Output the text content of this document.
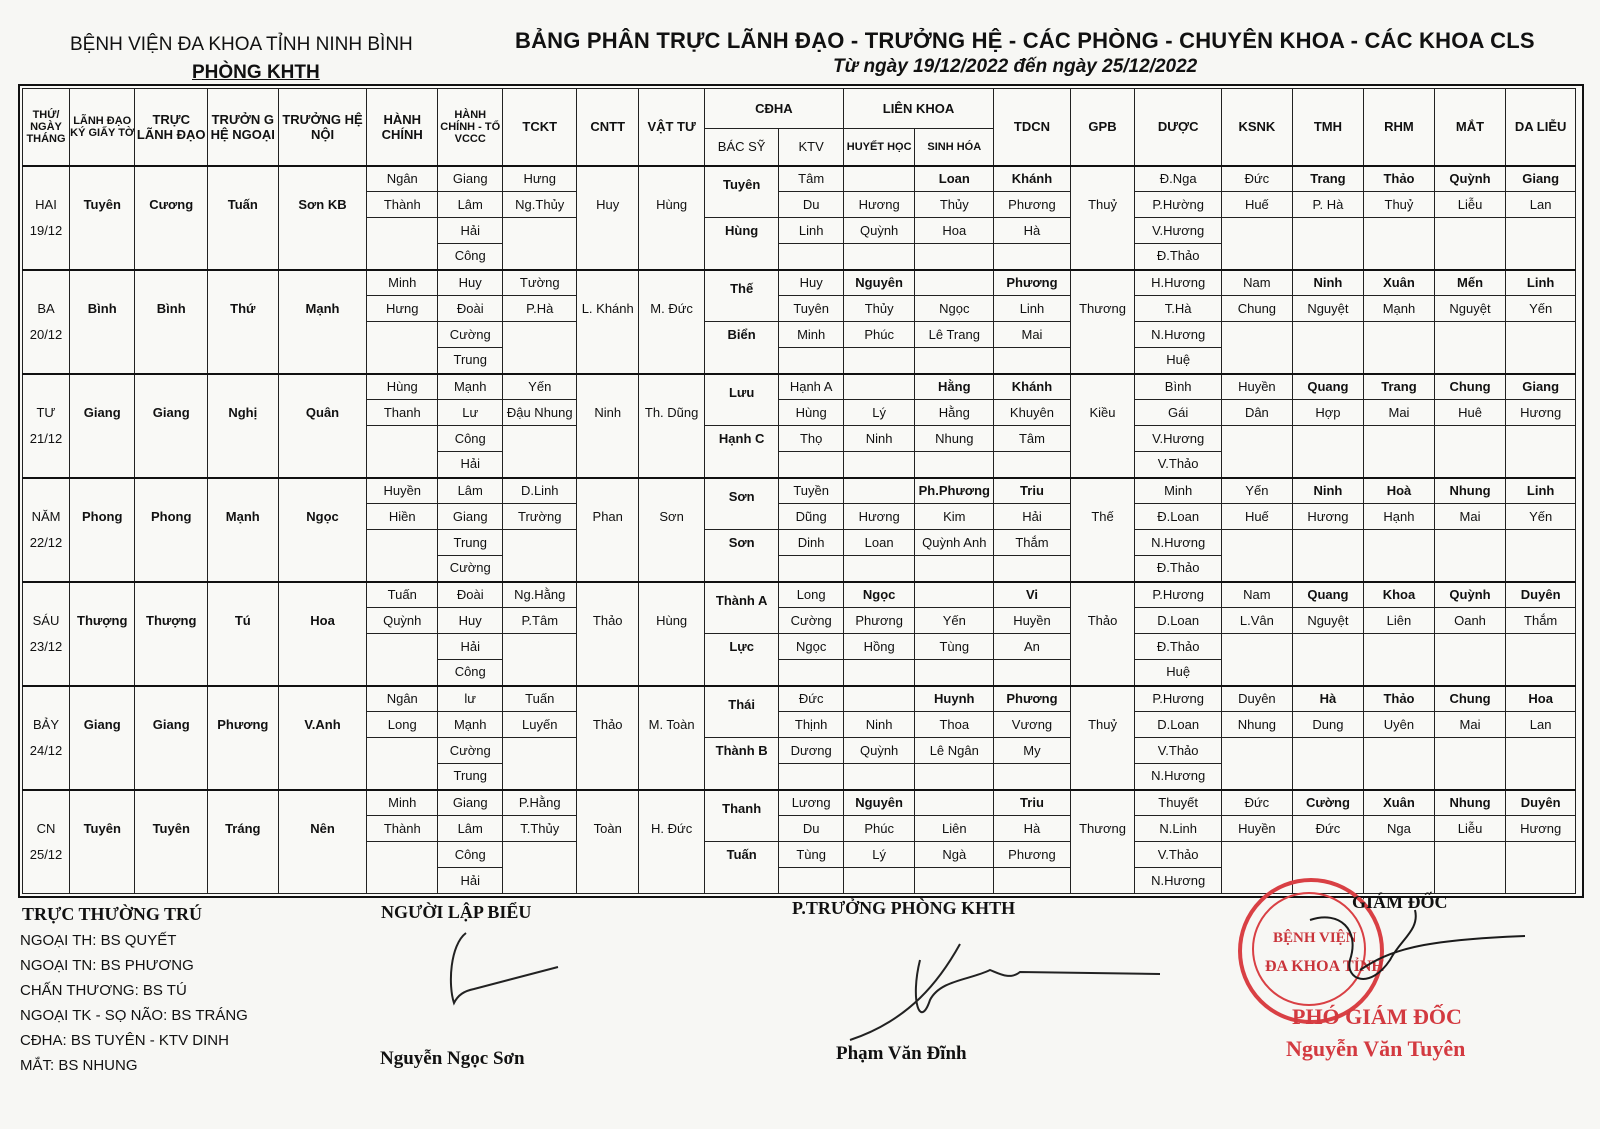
BỆNH VIỆN ĐA KHOA TỈNH NINH BÌNH
PHÒNG KHTH
BẢNG PHÂN TRỰC LÃNH ĐẠO - TRƯỞNG HỆ - CÁC PHÒNG - CHUYÊN KHOA - CÁC KHOA CLS
Từ ngày 19/12/2022 đến ngày 25/12/2022
THỨ/ NGÀY THÁNG	LÃNH ĐẠO KÝ GIẤY TỜ	TRỰC LÃNH ĐẠO	TRƯỞN G HỆ NGOẠI	TRƯỞNG HỆ NỘI	HÀNH CHÍNH	HÀNH CHÍNH - TỔ VCCC	TCKT	CNTT	VẬT TƯ	CĐHA		LIÊN KHOA		TDCN	GPB	DƯỢC	KSNK	TMH	RHM	MẮT	DA LIỄU
										BÁC SỸ	KTV	HUYẾT HỌC	SINH HÓA								
					Ngân	Giang	Hưng			Tuyên	Tâm		Loan	Khánh		Đ.Nga	Đức	Trang	Thảo	Quỳnh	Giang
HAI	Tuyên	Cương	Tuấn	Sơn KB	Thành	Lâm	Ng.Thủy	Huy	Hùng		Du	Hương	Thủy	Phương	Thuỷ	P.Hường	Huế	P. Hà	Thuỷ	Liễu	Lan
19/12						Hải				Hùng	Linh	Quỳnh	Hoa	Hà		V.Hương					
						Công										Đ.Thảo					
					Minh	Huy	Tường			Thế	Huy	Nguyên		Phương		H.Hương	Nam	Ninh	Xuân	Mến	Linh
BA	Bình	Bình	Thứ	Mạnh	Hưng	Đoài	P.Hà	L. Khánh	M. Đức		Tuyên	Thủy	Ngọc	Linh	Thương	T.Hà	Chung	Nguyệt	Mạnh	Nguyệt	Yến
20/12						Cường				Biển	Minh	Phúc	Lê Trang	Mai		N.Hương					
						Trung										Huệ					
					Hùng	Mạnh	Yến			Lưu	Hạnh A		Hằng	Khánh		Bình	Huyền	Quang	Trang	Chung	Giang
TƯ	Giang	Giang	Nghị	Quân	Thanh	Lư	Đậu Nhung	Ninh	Th. Dũng		Hùng	Lý	Hằng	Khuyên	Kiều	Gái	Dân	Hợp	Mai	Huê	Hương
21/12						Công				Hạnh C	Thọ	Ninh	Nhung	Tâm		V.Hương					
						Hải										V.Thảo					
					Huyền	Lâm	D.Linh			Sơn	Tuyền		Ph.Phương	Triu		Minh	Yến	Ninh	Hoà	Nhung	Linh
NĂM	Phong	Phong	Mạnh	Ngọc	Hiền	Giang	Trường	Phan	Sơn		Dũng	Hương	Kim	Hải	Thế	Đ.Loan	Huế	Hương	Hạnh	Mai	Yến
22/12						Trung				Sơn	Dinh	Loan	Quỳnh Anh	Thắm		N.Hương					
						Cường										Đ.Thảo					
					Tuấn	Đoài	Ng.Hằng			Thành A	Long	Ngọc		Vi		P.Hương	Nam	Quang	Khoa	Quỳnh	Duyên
SÁU	Thượng	Thượng	Tú	Hoa	Quỳnh	Huy	P.Tâm	Thảo	Hùng		Cường	Phương	Yến	Huyền	Thảo	D.Loan	L.Vân	Nguyệt	Liên	Oanh	Thắm
23/12						Hải				Lực	Ngọc	Hồng	Tùng	An		Đ.Thảo					
						Công										Huệ					
					Ngân	lư	Tuấn			Thái	Đức		Huynh	Phương		P.Hương	Duyên	Hà	Thảo	Chung	Hoa
BẢY	Giang	Giang	Phương	V.Anh	Long	Mạnh	Luyến	Thảo	M. Toàn		Thịnh	Ninh	Thoa	Vương	Thuỷ	D.Loan	Nhung	Dung	Uyên	Mai	Lan
24/12						Cường				Thành B	Dương	Quỳnh	Lê Ngân	My		V.Thảo					
						Trung										N.Hương					
					Minh	Giang	P.Hằng			Thanh	Lương	Nguyên		Triu		Thuyết	Đức	Cường	Xuân	Nhung	Duyên
CN	Tuyên	Tuyên	Tráng	Nên	Thành	Lâm	T.Thủy	Toàn	H. Đức		Du	Phúc	Liên	Hà	Thương	N.Linh	Huyền	Đức	Nga	Liễu	Hương
25/12						Công				Tuấn	Tùng	Lý	Ngà	Phương		V.Thảo					
						Hải										N.Hương					
TRỰC THƯỜNG TRÚ
NGOẠI TH: BS QUYẾT
NGOẠI TN: BS PHƯƠNG
CHẤN THƯƠNG: BS TÚ
NGOẠI TK - SỌ NÃO: BS TRÁNG
CĐHA: BS TUYÊN - KTV DINH
MẮT: BS NHUNG
NGƯỜI LẬP BIỂU
Nguyễn Ngọc Sơn
P.TRƯỞNG PHÒNG KHTH
Phạm Văn Đĩnh
BỆNH VIỆN
ĐA KHOA TỈNH
GIÁM ĐỐC
PHÓ GIÁM ĐỐC
Nguyễn Văn Tuyên
